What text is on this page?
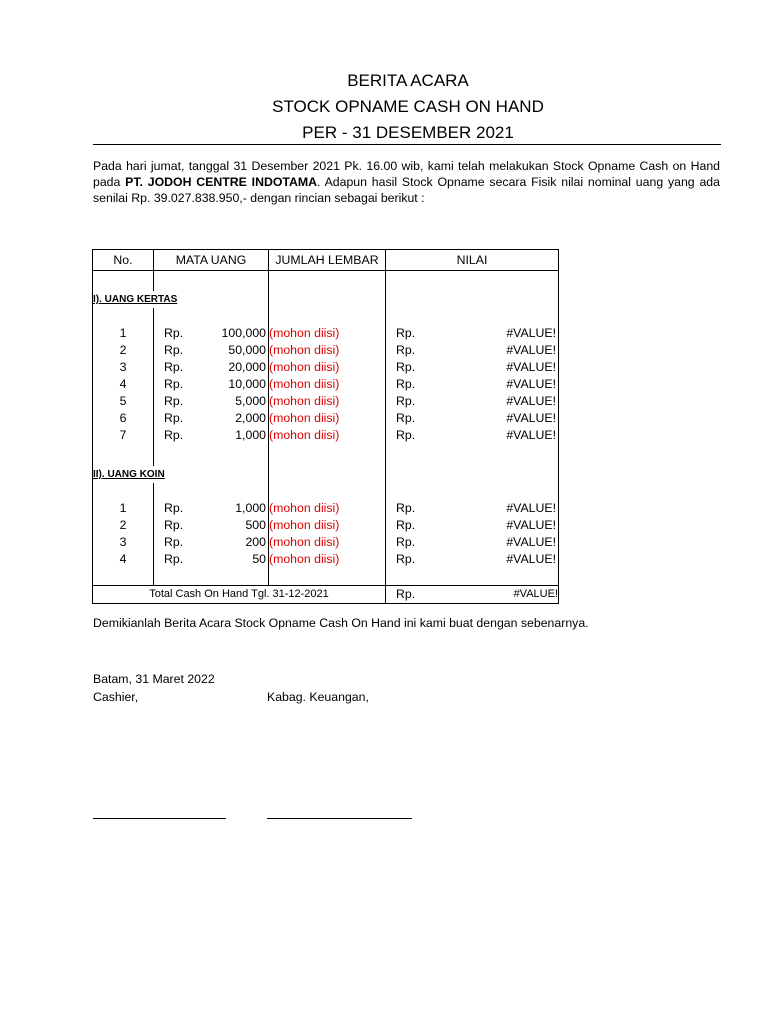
BERITA ACARA
STOCK OPNAME CASH ON HAND
PER - 31 DESEMBER 2021
Pada hari jumat, tanggal 31 Desember 2021 Pk. 16.00 wib, kami telah melakukan Stock Opname Cash on Hand pada PT. JODOH CENTRE INDOTAMA. Adapun hasil Stock Opname secara Fisik nilai nominal uang yang ada senilai Rp. 39.027.838.950,- dengan rincian sebagai berikut :
No.	MATA UANG		JUMLAH LEMBAR	NILAI	

I). UANG KERTAS					

1	Rp.	100,000	(mohon diisi)	Rp.	#VALUE!
2	Rp.	50,000	(mohon diisi)	Rp.	#VALUE!
3	Rp.	20,000	(mohon diisi)	Rp.	#VALUE!
4	Rp.	10,000	(mohon diisi)	Rp.	#VALUE!
5	Rp.	5,000	(mohon diisi)	Rp.	#VALUE!
6	Rp.	2,000	(mohon diisi)	Rp.	#VALUE!
7	Rp.	1,000	(mohon diisi)	Rp.	#VALUE!

II). UANG KOIN					

1	Rp.	1,000	(mohon diisi)	Rp.	#VALUE!
2	Rp.	500	(mohon diisi)	Rp.	#VALUE!
3	Rp.	200	(mohon diisi)	Rp.	#VALUE!
4	Rp.	50	(mohon diisi)	Rp.	#VALUE!

Total Cash On Hand Tgl. 31-12-2021				Rp.	#VALUE!
Demikianlah Berita Acara Stock Opname Cash On Hand ini kami buat dengan sebenarnya.
Batam, 31 Maret 2022
Cashier,	Kabag. Keuangan,
